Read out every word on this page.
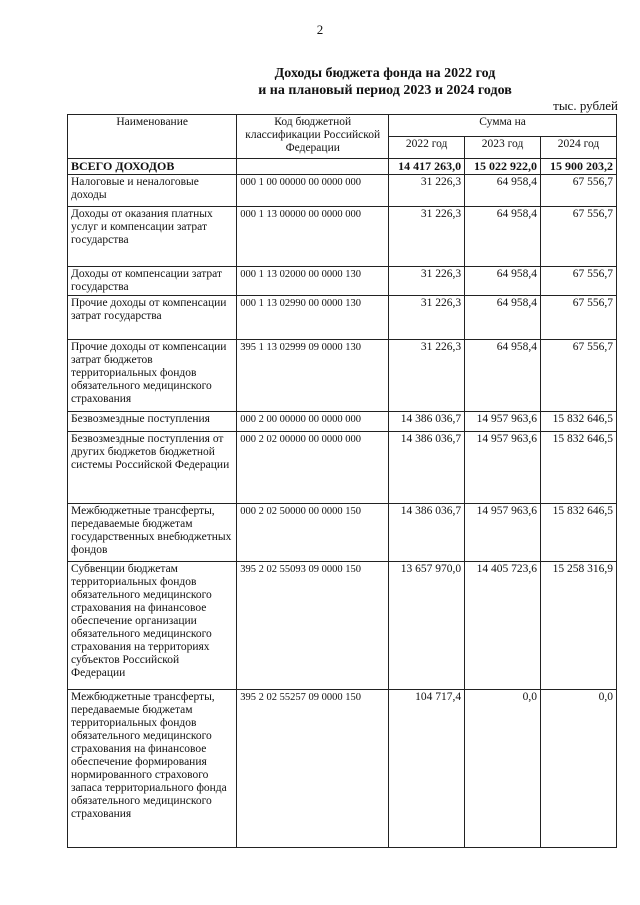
2
Доходы бюджета фонда на 2022 год
и на плановый период 2023 и 2024 годов
тыс. рублей
Наименование	Код бюджетной классификации Российской Федерации	Сумма на		
		2022 год	2023 год	2024 год
ВСЕГО ДОХОДОВ		14 417 263,0	15 022 922,0	15 900 203,2
Налоговые и неналоговые доходы	000 1 00 00000 00 0000 000	31 226,3	64 958,4	67 556,7
Доходы от оказания платных услуг и компенсации затрат государства	000 1 13 00000 00 0000 000	31 226,3	64 958,4	67 556,7
Доходы от компенсации затрат государства	000 1 13 02000 00 0000 130	31 226,3	64 958,4	67 556,7
Прочие доходы от компенсации затрат государства	000 1 13 02990 00 0000 130	31 226,3	64 958,4	67 556,7
Прочие доходы от компенсации затрат бюджетов территориальных фондов обязательного медицинского страхования	395 1 13 02999 09 0000 130	31 226,3	64 958,4	67 556,7
Безвозмездные поступления	000 2 00 00000 00 0000 000	14 386 036,7	14 957 963,6	15 832 646,5
Безвозмездные поступления от других бюджетов бюджетной системы Российской Федерации	000 2 02 00000 00 0000 000	14 386 036,7	14 957 963,6	15 832 646,5
Межбюджетные трансферты, передаваемые бюджетам государственных внебюджетных фондов	000 2 02 50000 00 0000 150	14 386 036,7	14 957 963,6	15 832 646,5
Субвенции бюджетам территориальных фондов обязательного медицинского страхования на финансовое обеспечение организации обязательного медицинского страхования на территориях субъектов Российской Федерации	395 2 02 55093 09 0000 150	13 657 970,0	14 405 723,6	15 258 316,9
Межбюджетные трансферты, передаваемые бюджетам территориальных фондов обязательного медицинского страхования на финансовое обеспечение формирования нормированного страхового запаса территориального фонда обязательного медицинского страхования	395 2 02 55257 09 0000 150	104 717,4	0,0	0,0
